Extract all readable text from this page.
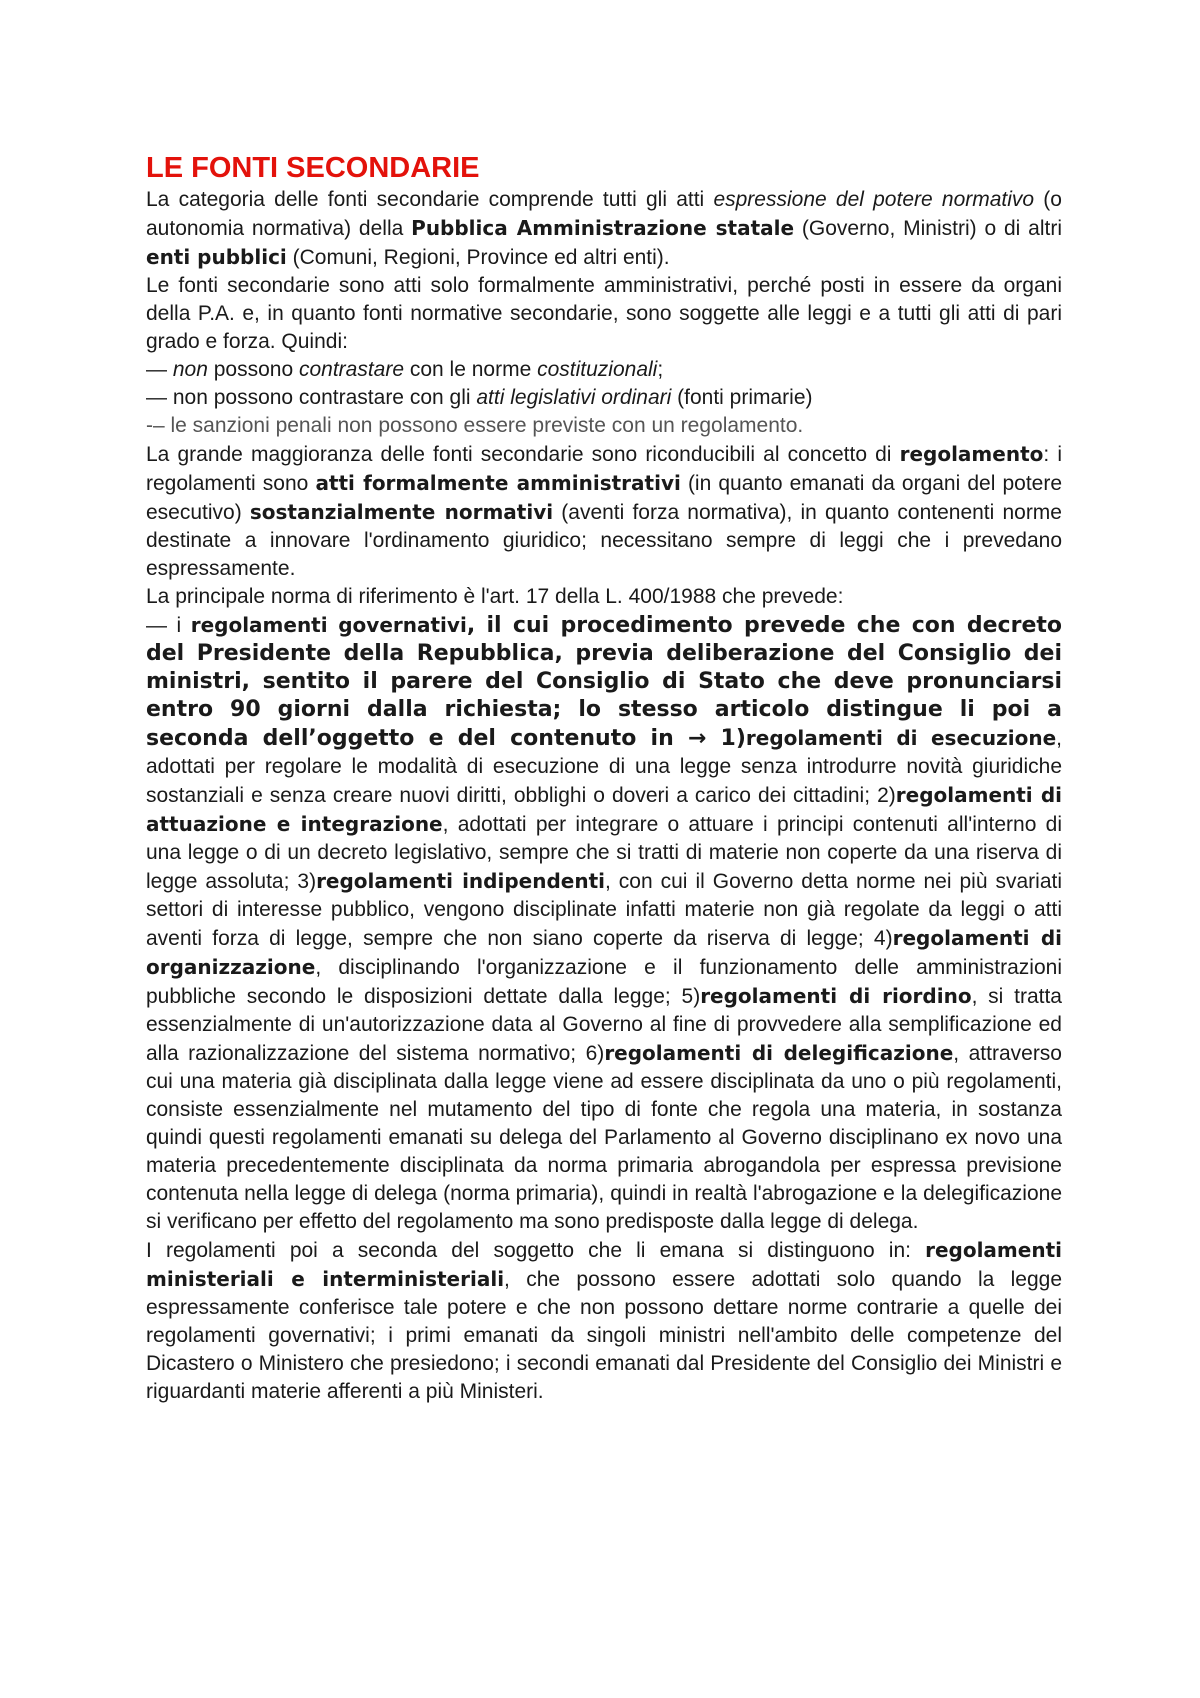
LE FONTI SECONDARIE

La categoria delle fonti secondarie comprende tutti gli atti espressione del potere normativo (o autonomia normativa) della Pubblica Amministrazione statale (Governo, Ministri) o di altri enti pubblici (Comuni, Regioni, Province ed altri enti).

Le fonti secondarie sono atti solo formalmente amministrativi, perché posti in essere da organi della P.A. e, in quanto fonti normative secondarie, sono soggette alle leggi e a tutti gli atti di pari grado e forza. Quindi:

— non possono contrastare con le norme costituzionali;

— non possono contrastare con gli atti legislativi ordinari (fonti primarie)

-– le sanzioni penali non possono essere previste con un regolamento.

La grande maggioranza delle fonti secondarie sono riconducibili al concetto di regolamento: i regolamenti sono atti formalmente amministrativi (in quanto emanati da organi del potere esecutivo) sostanzialmente normativi (aventi forza normativa), in quanto contenenti norme destinate a innovare l'ordinamento giuridico; necessitano sempre di leggi che i prevedano espressamente.

La principale norma di riferimento è l'art. 17 della L. 400/1988 che prevede:

— i regolamenti governativi, il cui procedimento prevede che con decreto del Presidente della Repubblica, previa deliberazione del Consiglio dei ministri, sentito il parere del Consiglio di Stato che deve pronunciarsi entro 90 giorni dalla richiesta; lo stesso articolo distingue li poi a seconda dell’oggetto e del contenuto in → 1)regolamenti di esecuzione, adottati per regolare le modalità di esecuzione di una legge senza introdurre novità giuridiche sostanziali e senza creare nuovi diritti, obblighi o doveri a carico dei cittadini; 2)regolamenti di attuazione e integrazione, adottati per integrare o attuare i principi contenuti all'interno di una legge o di un decreto legislativo, sempre che si tratti di materie non coperte da una riserva di legge assoluta; 3)regolamenti indipendenti, con cui il Governo detta norme nei più svariati settori di interesse pubblico, vengono disciplinate infatti materie non già regolate da leggi o atti aventi forza di legge, sempre che non siano coperte da riserva di legge; 4)regolamenti di organizzazione, disciplinando l'organizzazione e il funzionamento delle amministrazioni pubbliche secondo le disposizioni dettate dalla legge; 5)regolamenti di riordino, si tratta essenzialmente di un'autorizzazione data al Governo al fine di provvedere alla semplificazione ed alla razionalizzazione del sistema normativo; 6)regolamenti di delegificazione, attraverso cui una materia già disciplinata dalla legge viene ad essere disciplinata da uno o più regolamenti, consiste essenzialmente nel mutamento del tipo di fonte che regola una materia, in sostanza quindi questi regolamenti emanati su delega del Parlamento al Governo disciplinano ex novo una materia precedentemente disciplinata da norma primaria abrogandola per espressa previsione contenuta nella legge di delega (norma primaria), quindi in realtà l'abrogazione e la delegificazione si verificano per effetto del regolamento ma sono predisposte dalla legge di delega.

I regolamenti poi a seconda del soggetto che li emana si distinguono in: regolamenti ministeriali e interministeriali, che possono essere adottati solo quando la legge espressamente conferisce tale potere e che non possono dettare norme contrarie a quelle dei regolamenti governativi; i primi emanati da singoli ministri nell'ambito delle competenze del Dicastero o Ministero che presiedono; i secondi emanati dal Presidente del Consiglio dei Ministri e riguardanti materie afferenti a più Ministeri.
